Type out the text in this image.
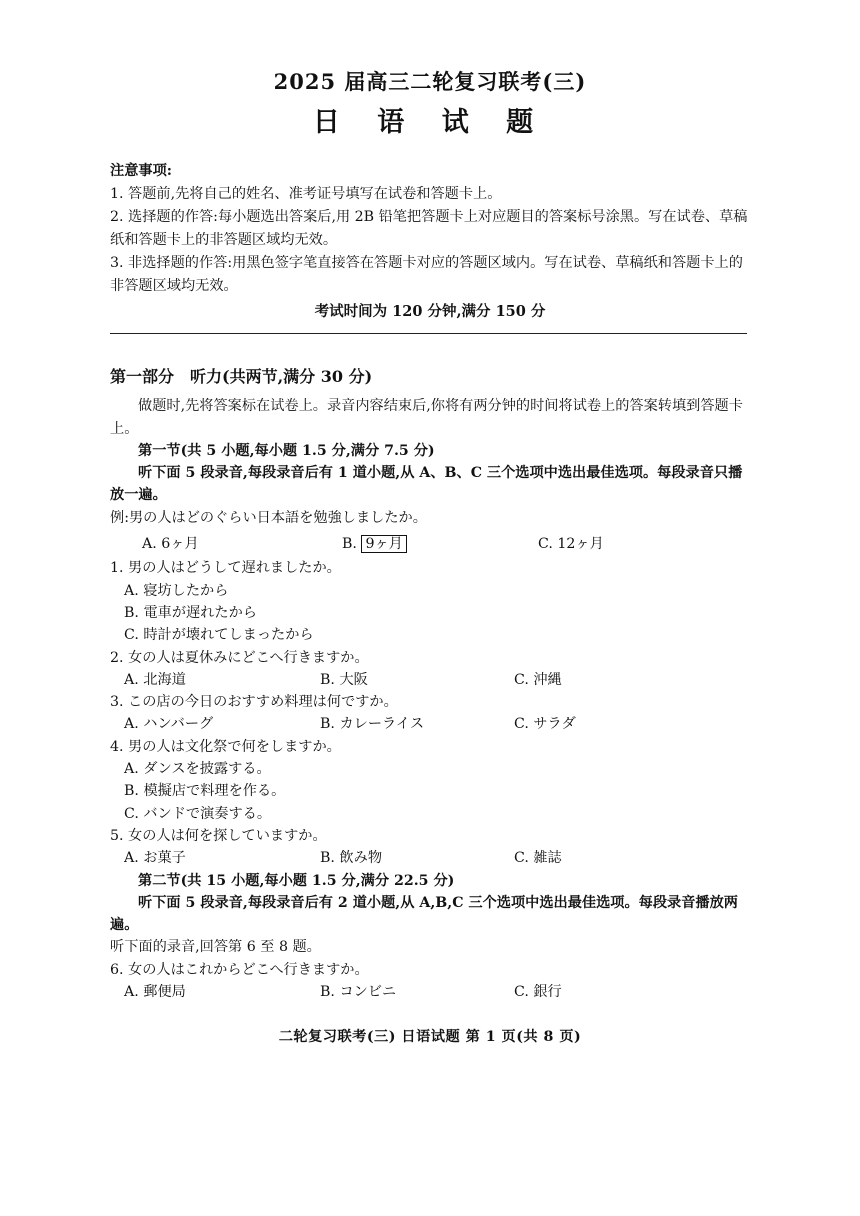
2025 届高三二轮复习联考(三)
日 语 试 题

注意事项:

1. 答题前,先将自己的姓名、准考证号填写在试卷和答题卡上。

2. 选择题的作答:每小题选出答案后,用 2B 铅笔把答题卡上对应题目的答案标号涂黑。写在试卷、草稿纸和答题卡上的非答题区域均无效。

3. 非选择题的作答:用黑色签字笔直接答在答题卡对应的答题区域内。写在试卷、草稿纸和答题卡上的非答题区域均无效。

考试时间为 120 分钟,满分 150 分

第一部分 听力(共两节,满分 30 分)

做题时,先将答案标在试卷上。录音内容结束后,你将有两分钟的时间将试卷上的答案转填到答题卡上。

第一节(共 5 小题,每小题 1.5 分,满分 7.5 分)

听下面 5 段录音,每段录音后有 1 道小题,从 A、B、C 三个选项中选出最佳选项。每段录音只播放一遍。

例:男の人はどのぐらい日本語を勉強しましたか。

A. 6ヶ月	B. 9ヶ月	C. 12ヶ月

1. 男の人はどうして遅れましたか。

A. 寝坊したから

B. 電車が遅れたから

C. 時計が壊れてしまったから

2. 女の人は夏休みにどこへ行きますか。

A. 北海道	B. 大阪	C. 沖縄

3. この店の今日のおすすめ料理は何ですか。

A. ハンバーグ	B. カレーライス	C. サラダ

4. 男の人は文化祭で何をしますか。

A. ダンスを披露する。

B. 模擬店で料理を作る。

C. バンドで演奏する。

5. 女の人は何を探していますか。

A. お菓子	B. 飲み物	C. 雑誌

第二节(共 15 小题,每小题 1.5 分,满分 22.5 分)

听下面 5 段录音,每段录音后有 2 道小题,从 A,B,C 三个选项中选出最佳选项。每段录音播放两遍。

听下面的录音,回答第 6 至 8 题。

6. 女の人はこれからどこへ行きますか。

A. 郵便局	B. コンビニ	C. 銀行
二轮复习联考(三) 日语试题 第 1 页(共 8 页)
